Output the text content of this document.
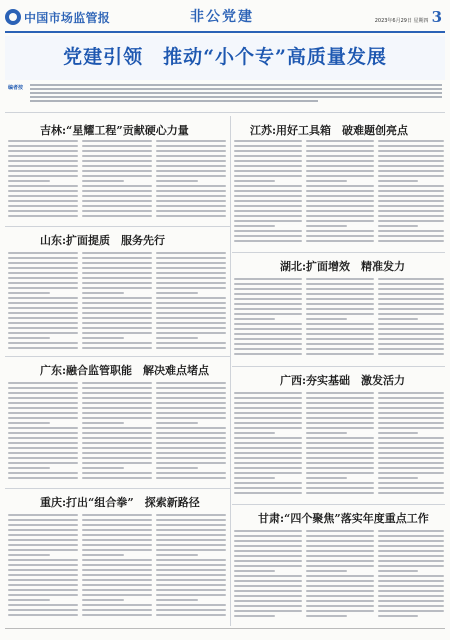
中国市场监管报	非公党建	2023年6月29日 星期四 3
党建引领　推动“小个专”高质量发展
编者按
吉林:“星耀工程”贡献硬心力量	江苏:用好工具箱　破难题创亮点
山东:扩面提质　服务先行
湖北:扩面增效　精准发力
广东:融合监管职能　解决难点堵点
广西:夯实基础　激发活力
重庆:打出“组合拳”　探索新路径
甘肃:“四个聚焦”落实年度重点工作
